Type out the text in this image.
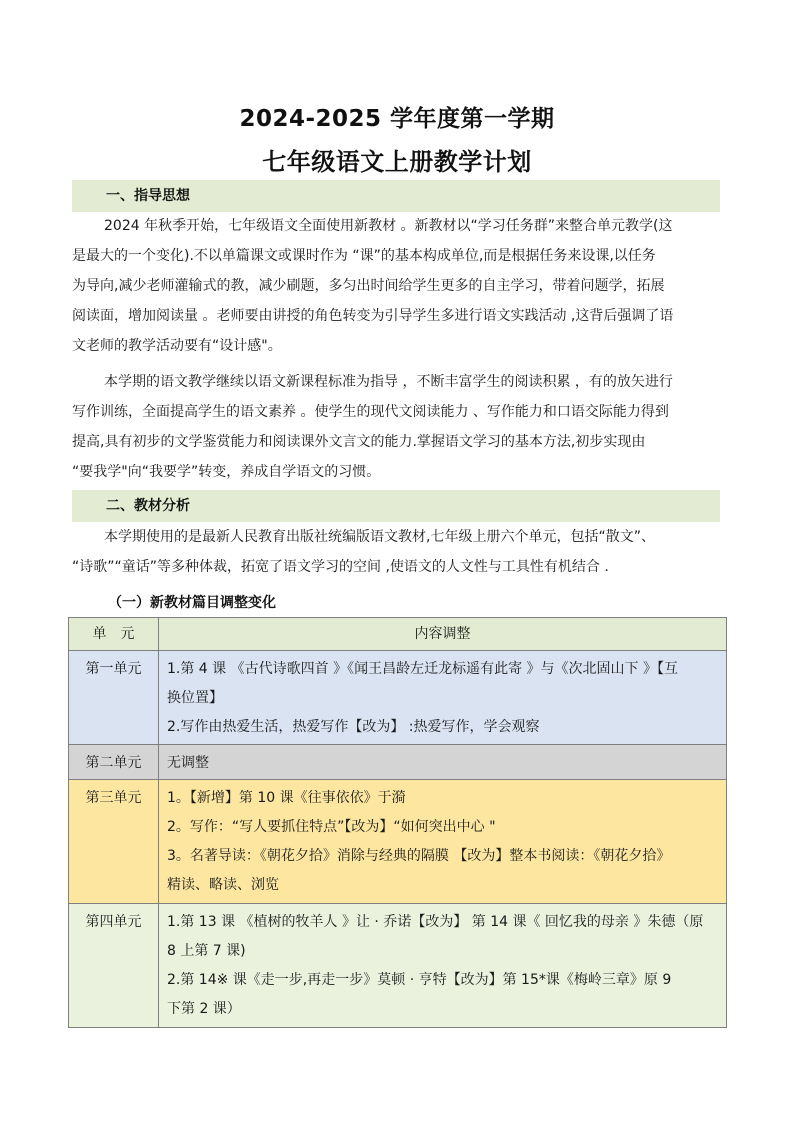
2024-2025 学年度第一学期
七年级语文上册教学计划
一、指导思想
2024 年秋季开始，七年级语文全面使用新教材 。新教材以“学习任务群”来整合单元教学(这
是最大的一个变化).不以单篇课文或课时作为 “课”的基本构成单位,而是根据任务来设课,以任务
为导向,减少老师灌输式的教，减少刷题，多匀出时间给学生更多的自主学习，带着问题学，拓展
阅读面，增加阅读量 。老师要由讲授的角色转变为引导学生多进行语文实践活动 ,这背后强调了语
文老师的教学活动要有“设计感"。
本学期的语文教学继续以语文新课程标准为指导 ，不断丰富学生的阅读积累 ，有的放矢进行
写作训练，全面提高学生的语文素养 。使学生的现代文阅读能力 、写作能力和口语交际能力得到
提高,具有初步的文学鉴赏能力和阅读课外文言文的能力.掌握语文学习的基本方法,初步实现由
“要我学"向“我要学”转变，养成自学语文的习惯。
二、教材分析
本学期使用的是最新人民教育出版社统编版语文教材,七年级上册六个单元，包括“散文”、
“诗歌”“童话”等多种体裁，拓宽了语文学习的空间 ,使语文的人文性与工具性有机结合 .
（一）新教材篇目调整变化
单　元	内容调整
第一单元	1.第 4 课 《古代诗歌四首 》《闻王昌龄左迁龙标遥有此寄 》与《次北固山下 》【互
换位置】
2.写作由热爱生活，热爱写作【改为】 :热爱写作，学会观察

第二单元	无调整

第三单元	1。【新增】第 10 课《往事依依》于漪
2。写作：“写人要抓住特点”【改为】“如何突出中心 "
3。名著导读：《朝花夕拾》消除与经典的隔膜 【改为】整本书阅读：《朝花夕拾》
精读、略读、浏览

第四单元	1.第 13 课 《植树的牧羊人 》让 · 乔诺【改为】 第 14 课《 回忆我的母亲 》朱德（原
8 上第 7 课)
2.第 14※ 课《走一步,再走一步》莫顿 · 亨特【改为】第 15*课《梅岭三章》原 9
下第 2 课）
